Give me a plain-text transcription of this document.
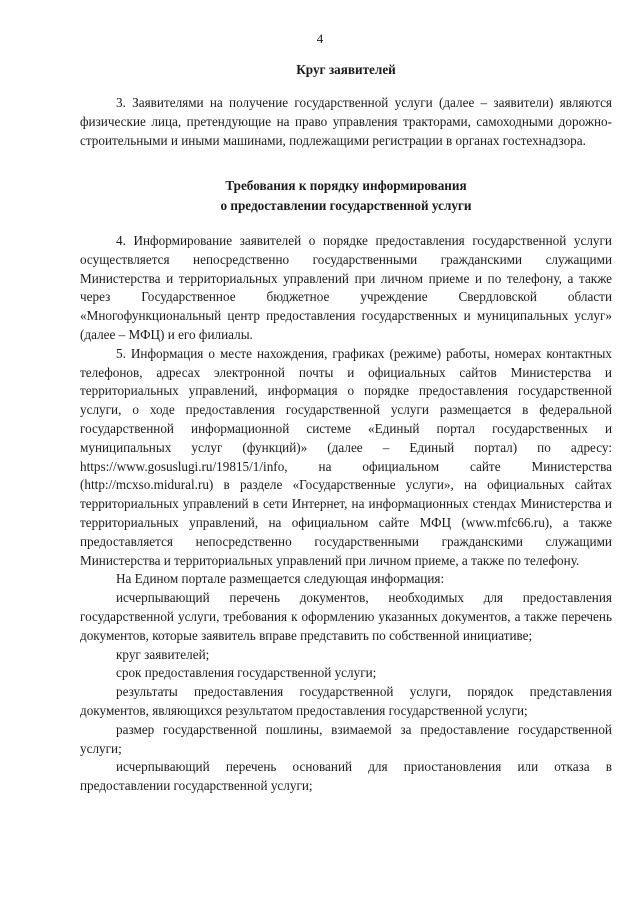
4
Круг заявителей

3. Заявителями на получение государственной услуги (далее – заявители) являются физические лица, претендующие на право управления тракторами, самоходными дорожно-строительными и иными машинами, подлежащими регистрации в органах гостехнадзора.

Требования к порядку информирования
о предоставлении государственной услуги

4. Информирование заявителей о порядке предоставления государственной услуги осуществляется непосредственно государственными гражданскими служащими Министерства и территориальных управлений при личном приеме и по телефону, а также через Государственное бюджетное учреждение Свердловской области «Многофункциональный центр предоставления государственных и муниципальных услуг» (далее – МФЦ) и его филиалы.

5. Информация о месте нахождения, графиках (режиме) работы, номерах контактных телефонов, адресах электронной почты и официальных сайтов Министерства и территориальных управлений, информация о порядке предоставления государственной услуги, о ходе предоставления государственной услуги размещается в федеральной государственной информационной системе «Единый портал государственных и муниципальных услуг (функций)» (далее – Единый портал) по адресу: https://www.gosuslugi.ru/19815/1/info, на официальном сайте Министерства (http://mcxso.midural.ru) в разделе «Государственные услуги», на официальных сайтах территориальных управлений в сети Интернет, на информационных стендах Министерства и территориальных управлений, на официальном сайте МФЦ (www.mfc66.ru), а также предоставляется непосредственно государственными гражданскими служащими Министерства и территориальных управлений при личном приеме, а также по телефону.

На Едином портале размещается следующая информация:

исчерпывающий перечень документов, необходимых для предоставления государственной услуги, требования к оформлению указанных документов, а также перечень документов, которые заявитель вправе представить по собственной инициативе;

круг заявителей;

срок предоставления государственной услуги;

результаты предоставления государственной услуги, порядок представления документов, являющихся результатом предоставления государственной услуги;

размер государственной пошлины, взимаемой за предоставление государственной услуги;

исчерпывающий перечень оснований для приостановления или отказа в предоставлении государственной услуги;
